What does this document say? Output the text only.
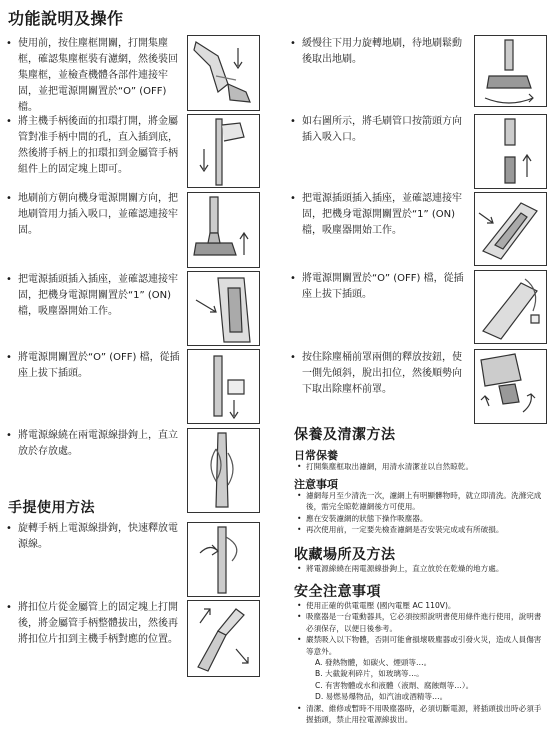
功能說明及操作
• 使用前，按住塵框開關，打開集塵框，確認集塵框裝有濾網，然後裝回集塵框，並檢查機體各部件連接牢固，並把電源開關置於“O” (OFF) 檔。
• 將主機手柄後面的扣環打開，將金屬管對准手柄中間的孔，直入插到底，然後將手柄上的扣環扣到金屬管手柄組件上的固定塊上即可。
• 地刷前方朝向機身電源開關方向，把地刷管用力插入吸口，並確認連接牢固。
• 把電源插頭插入插座，並確認連接牢固，把機身電源開關置於“1” (ON) 檔，吸塵器開始工作。
• 將電源開關置於“O” (OFF) 檔，從插座上拔下插頭。
• 將電源線繞在兩電源線掛鉤上，直立放於存放處。
手提使用方法
• 旋轉手柄上電源線掛鉤，快速釋放電源線。
• 將扣位片從金屬管上的固定塊上打開後，將金屬管手柄整體拔出，然後再將扣位片扣到主機手柄對應的位置。
• 緩慢往下用力旋轉地刷，待地刷鬆動後取出地刷。
• 如右圖所示，將毛刷管口按箭頭方向插入吸入口。
• 把電源插頭插入插座，並確認連接牢固，把機身電源開關置於“1” (ON) 檔，吸塵器開始工作。
• 將電源開關置於“O” (OFF) 檔，從插座上拔下插頭。
• 按住除塵桶前罩兩側的釋放按鈕，使一側先傾斜，脫出扣位，然後順勢向下取出除塵杯前罩。
保養及清潔方法
日常保養
• 打開集塵框取出濾網，用清水清潔並以自然晾乾。
注意事項
• 濾網每月至少清洗一次，濾網上有明顯髒物時，就立即清洗。洗滌完成後，需完全晾乾濾網後方可使用。
• 應在安裝濾網的狀態下操作吸塵器。
• 再次使用前，一定要先檢查濾網是否安裝完成或有所破損。
收藏場所及方法
• 將電源線繞在兩電源線掛鉤上，直立放於在乾燥的地方處。
安全注意事項
• 使用正確的供電電壓 (國內電壓 AC 110V)。
• 吸塵器是一台電動器具，它必須按照說明書使用條件進行使用，說明書必須保存，以便日後參考。
• 嚴禁吸入以下物體，否則可能會損壞吸塵器或引發火災，造成人員傷害等意外。
A. 發熱物體，如碳火、煙頭等…。
B. 大截銳利碎片，如玻璃等…。
C. 有害物體或水和液體（液劑、腐蝕劑等…）。
D. 易燃易爆物品，如汽油或酒精等…。
• 清潔、維修或暫時不用吸塵器時，必須切斷電源，將插頭拔出時必須手握插頭，禁止用拉電源線拔出。
